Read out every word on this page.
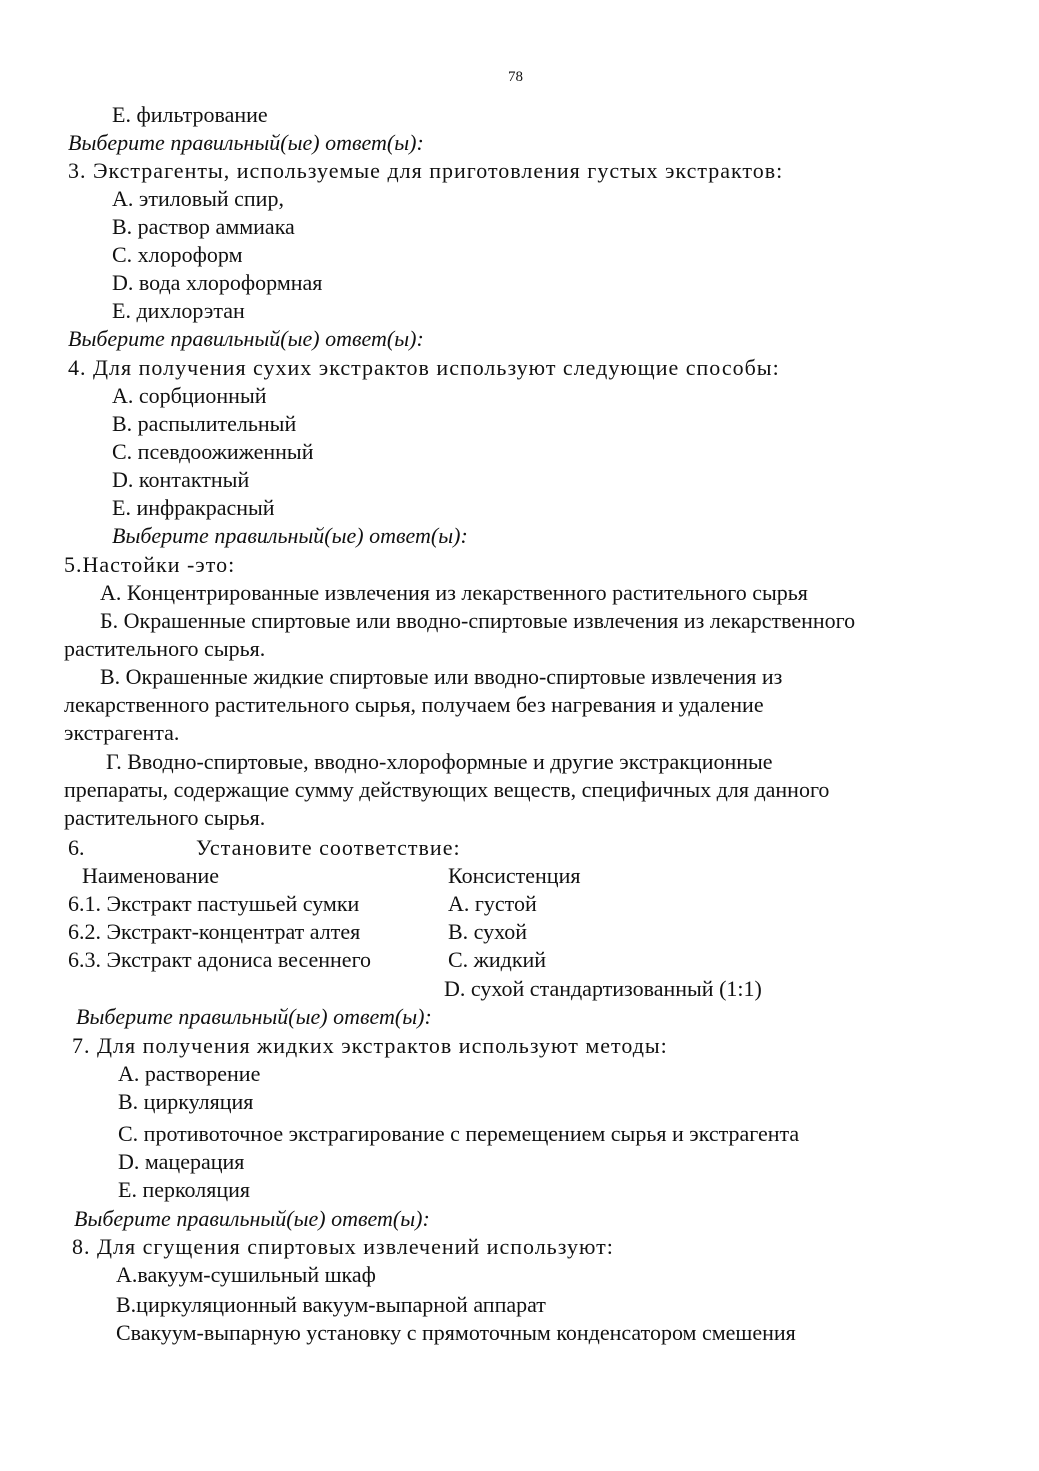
78
E. фильтрование
Выберите правильный(ые) ответ(ы):
3. Экстрагенты, используемые для приготовления густых экстрактов:
A. этиловый спир,
B. раствор аммиака
C. хлороформ
D. вода хлороформная
E. дихлорэтан
Выберите правильный(ые) ответ(ы):
4. Для получения сухих экстрактов используют следующие способы:
A. сорбционный
B. распылительный
C. псевдоожиженный
D. контактный
E. инфракрасный
Выберите правильный(ые) ответ(ы):
5.Настойки -это:
А. Концентрированные извлечения из лекарственного растительного сырья
Б. Окрашенные спиртовые или вводно-спиртовые извлечения из лекарственного
растительного сырья.
В. Окрашенные жидкие спиртовые или вводно-спиртовые извлечения из
лекарственного растительного сырья, получаем без нагревания и удаление
экстрагента.
Г. Вводно-спиртовые, вводно-хлороформные и другие экстракционные
препараты, содержащие сумму действующих веществ, специфичных для данного
растительного сырья.
6.	Установите соответствие:
Наименование	Консистенция
6.1. Экстракт пастушьей сумки	A. густой
6.2. Экстракт-концентрат алтея	B. сухой
6.3. Экстракт адониса весеннего	C. жидкий
D. сухой стандартизованный (1:1)
Выберите правильный(ые) ответ(ы):
7. Для получения жидких экстрактов используют методы:
A. растворение
B. циркуляция
C. противоточное экстрагирование с перемещением сырья и экстрагента
D. мацерация
E. перколяция
Выберите правильный(ые) ответ(ы):
8. Для сгущения спиртовых извлечений используют:
A.вакуум-сушильный шкаф
B.циркуляционный вакуум-выпарной аппарат
Cвакуум-выпарную установку с прямоточным конденсатором смешения
